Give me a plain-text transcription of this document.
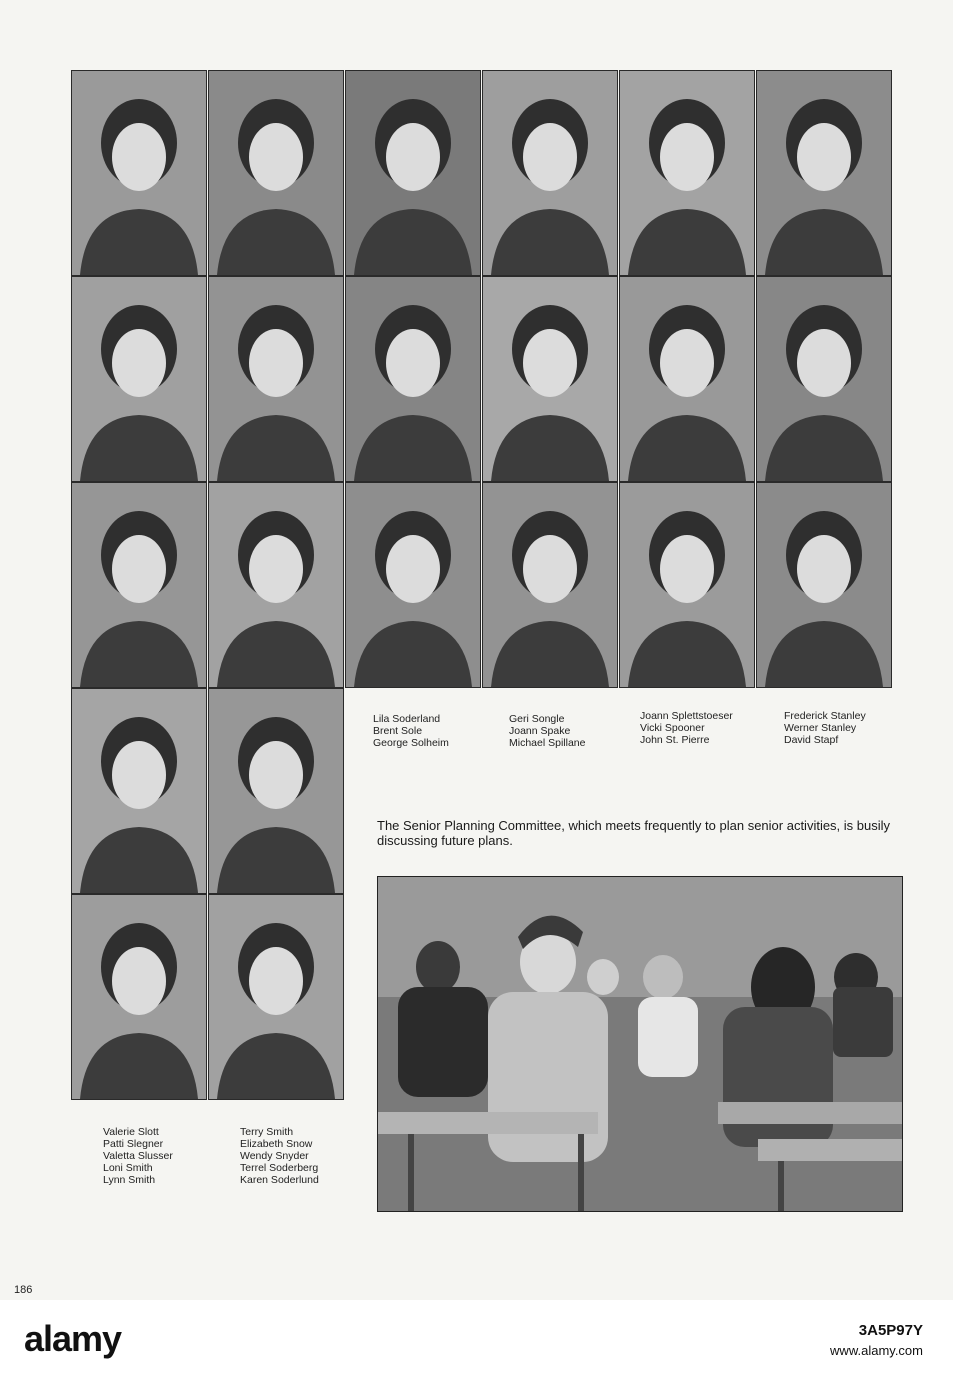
Lila Soderland
Brent Sole
George Solheim
Geri Songle
Joann Spake
Michael Spillane
Joann Splettstoeser
Vicki Spooner
John St. Pierre
Frederick Stanley
Werner Stanley
David Stapf
Valerie Slott
Patti Slegner
Valetta Slusser
Loni Smith
Lynn Smith
Terry Smith
Elizabeth Snow
Wendy Snyder
Terrel Soderberg
Karen Soderlund
The Senior Planning Committee, which meets frequently to plan senior activities, is busily discussing future plans.
186
alamy	3A5P97Y
www.alamy.com
